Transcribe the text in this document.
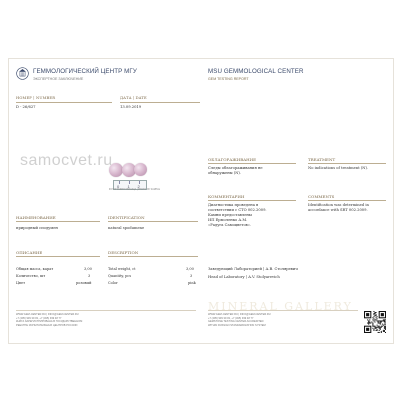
ГЕММОЛОГИЧЕСКИЙ ЦЕНТР МГУ
ЭКСПЕРТНОЕ ЗАКЛЮЧЕНИЕ
MSU GEMMOLOGICAL CENTER
GEM TESTING REPORT
НОМЕР | NUMBER
D - 26/627
ДАТА | DATE
13.09.2019
samocvet.ru
0 1 2
ФОТОГРАФИЯ ОБРАЗЦА | PHOTO OF SAMPLE
ОБЛАГОРАЖИВАНИЕ
Следы облагораживания не
обнаружены (N).
TREATMENT
No indications of treatment (N).
КОММЕНТАРИИ
Диагностика проведена в
соответствии с СТО 002.2009.
Камни предоставлены
ИП Ермоленко А.М.
«Радуга Самоцветов».
COMMENTS
Identification was determined in
accordance with SRT 002.2009.
НАИМЕНОВАНИЕ
природный сподумен
IDENTIFICATION
natural spodumene
ОПИСАНИЕ	DESCRIPTION
Общая масса, карат	3,00	Total weight, ct	3,00
Количество, шт	3	Quantity, pcs	3
Цвет	розовый	Color	pink
Заведующий Лабораторией | А.В. Столяревич
Head of Laboratory | A.V. Stolyarevich
MINERAL GALLERY
WWW.GEM-CENTER.RU | INFO@GEM-CENTER.RU
+7 (495) 939 39 03, +7 (495) 939 48 77
КНИГА ЗАРЕГИСТРИРОВАНА В ГОСУДАРСТВЕННОМ
РЕЕСТРЕ ИСПЫТАТЕЛЬНЫХ ЦЕНТРОВ РОССИИ
WWW.GEM-CENTER.RU | INFO@GEM-CENTER.RU
+7 (495) 939 39 03, +7 (495) 939 48 77
GEMSTONE TESTING CENTER ACCREDITED
WITHIN RUSSIAN STANDARDIZATION SYSTEM
